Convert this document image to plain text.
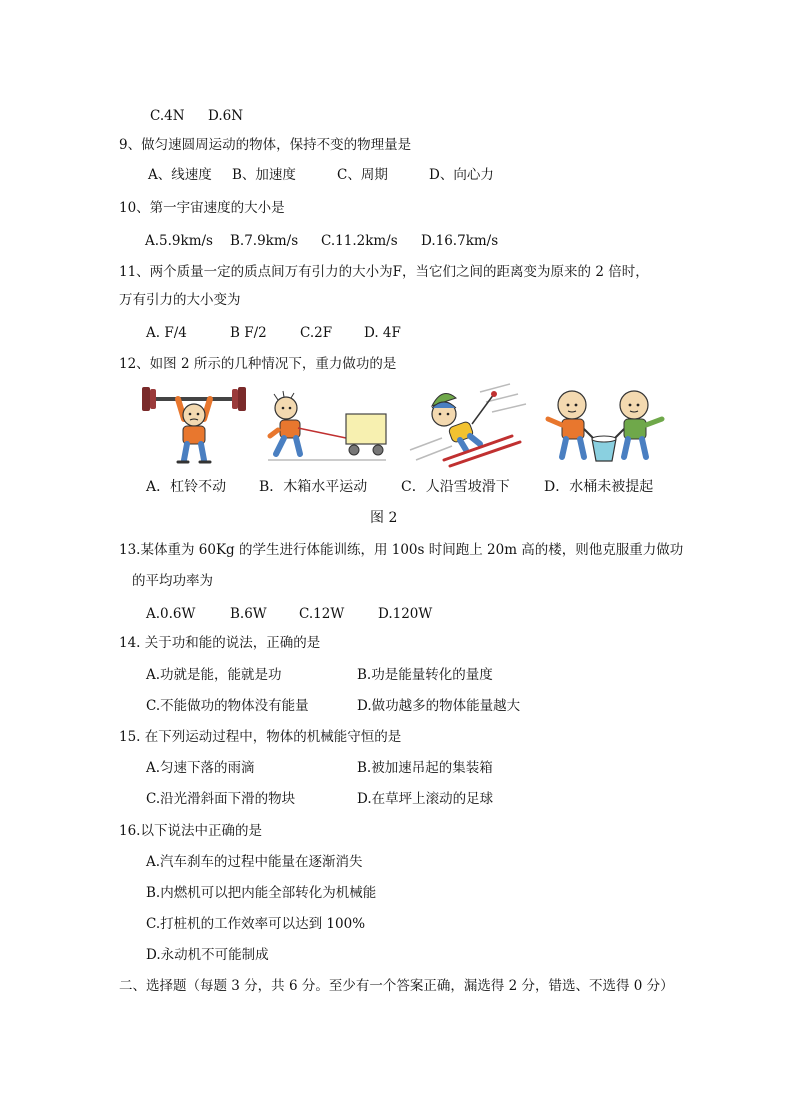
C.4N D.6N
9、做匀速圆周运动的物体，保持不变的物理量是
A、线速度 B、加速度	C、周期	D、向心力
10、第一宇宙速度的大小是
A.5.9km/s B.7.9km/s C.11.2km/s D.16.7km/s
11、两个质量一定的质点间万有引力的大小为F，当它们之间的距离变为原来的 2 倍时，
万有引力的大小变为
A. F/4	B F/2 C.2F D. 4F
12、如图 2 所示的几种情况下，重力做功的是
A．杠铃不动 B．木箱水平运动 C．人沿雪坡滑下 D．水桶未被提起
图 2
13.某体重为 60Kg 的学生进行体能训练，用 100s 时间跑上 20m 高的楼，则他克服重力做功
的平均功率为
A.0.6W	B.6W C.12W	D.120W
14. 关于功和能的说法，正确的是
A.功就是能，能就是功	B.功是能量转化的量度
C.不能做功的物体没有能量	D.做功越多的物体能量越大
15. 在下列运动过程中，物体的机械能守恒的是
A.匀速下落的雨滴	B.被加速吊起的集装箱
C.沿光滑斜面下滑的物块	D.在草坪上滚动的足球
16.以下说法中正确的是
A.汽车刹车的过程中能量在逐渐消失
B.内燃机可以把内能全部转化为机械能
C.打桩机的工作效率可以达到 100%
D.永动机不可能制成
二、选择题（每题 3 分，共 6 分。至少有一个答案正确，漏选得 2 分，错选、不选得 0 分）
